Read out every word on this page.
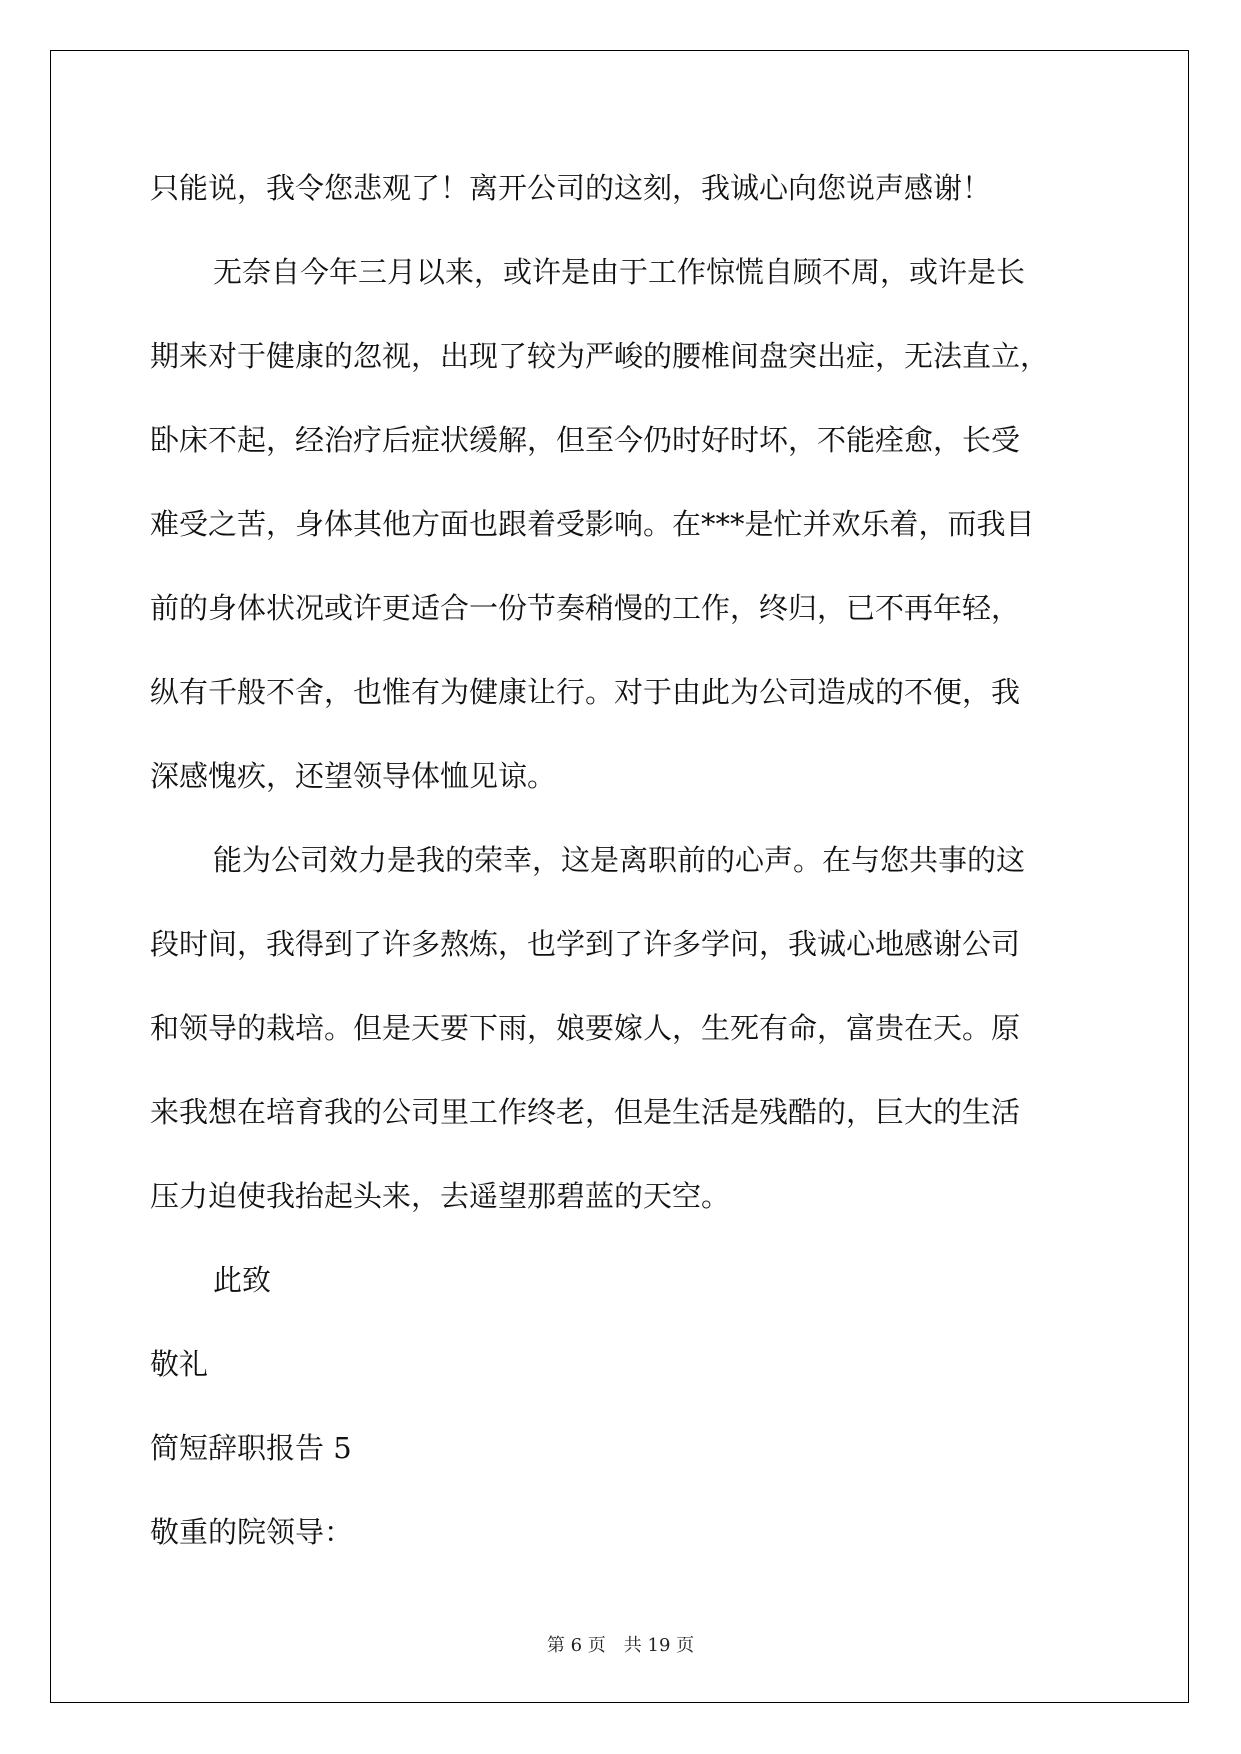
只能说，我令您悲观了！离开公司的这刻，我诚心向您说声感谢！
无奈自今年三月以来，或许是由于工作惊慌自顾不周，或许是长
期来对于健康的忽视，出现了较为严峻的腰椎间盘突出症，无法直立，
卧床不起，经治疗后症状缓解，但至今仍时好时坏，不能痊愈，长受
难受之苦，身体其他方面也跟着受影响。在***是忙并欢乐着，而我目
前的身体状况或许更适合一份节奏稍慢的工作，终归，已不再年轻，
纵有千般不舍，也惟有为健康让行。对于由此为公司造成的不便，我
深感愧疚，还望领导体恤见谅。
能为公司效力是我的荣幸，这是离职前的心声。在与您共事的这
段时间，我得到了许多熬炼，也学到了许多学问，我诚心地感谢公司
和领导的栽培。但是天要下雨，娘要嫁人，生死有命，富贵在天。原
来我想在培育我的公司里工作终老，但是生活是残酷的，巨大的生活
压力迫使我抬起头来，去遥望那碧蓝的天空。
此致
敬礼
简短辞职报告 5
敬重的院领导：
第 6 页　共 19 页
